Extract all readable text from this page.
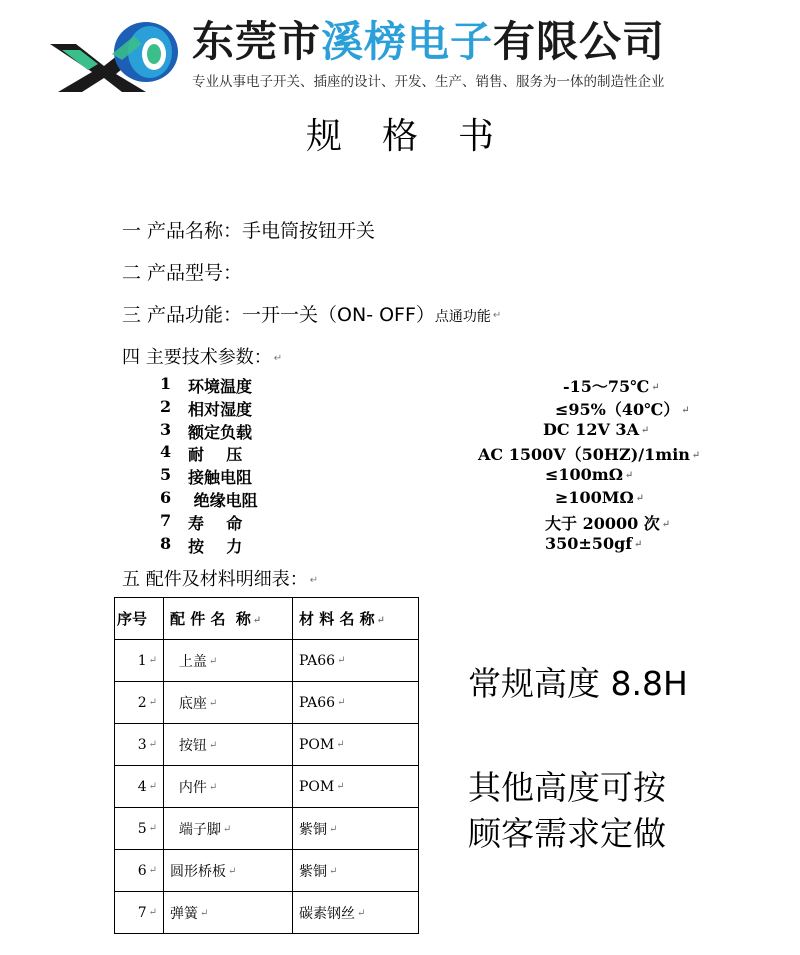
东莞市溪榜电子有限公司
专业从事电子开关、插座的设计、开发、生产、销售、服务为一体的制造性企业
规 格 书
一 产品名称：手电筒按钮开关
二 产品型号：
三 产品功能：一开一关（ON- OFF）点通功能 ↵
四 主要技术参数： ↵
1 环境温度	-15～75℃ ↵
2 相对湿度	≤95%（40℃） ↵
3 额定负载	DC 12V 3A ↵
4 耐    压	AC 1500V（50HZ)/1min ↵
5 接触电阻	≤100mΩ ↵
6 绝缘电阻	≥100MΩ ↵
7 寿    命	大于 20000 次 ↵
8 按    力	350±50gf ↵
五 配件及材料明细表： ↵
序号	配 件 名  称 ↵	材 料 名 称 ↵
1 ↵	上盖 ↵	PA66 ↵
2 ↵	底座 ↵	PA66 ↵
3 ↵	按钮 ↵	POM ↵
4 ↵	内件 ↵	POM ↵
5 ↵	端子脚 ↵	紫铜 ↵
6 ↵	圆形桥板 ↵	紫铜 ↵
7 ↵	弹簧 ↵	碳素钢丝 ↵
常规高度 8.8H
其他高度可按
顾客需求定做
